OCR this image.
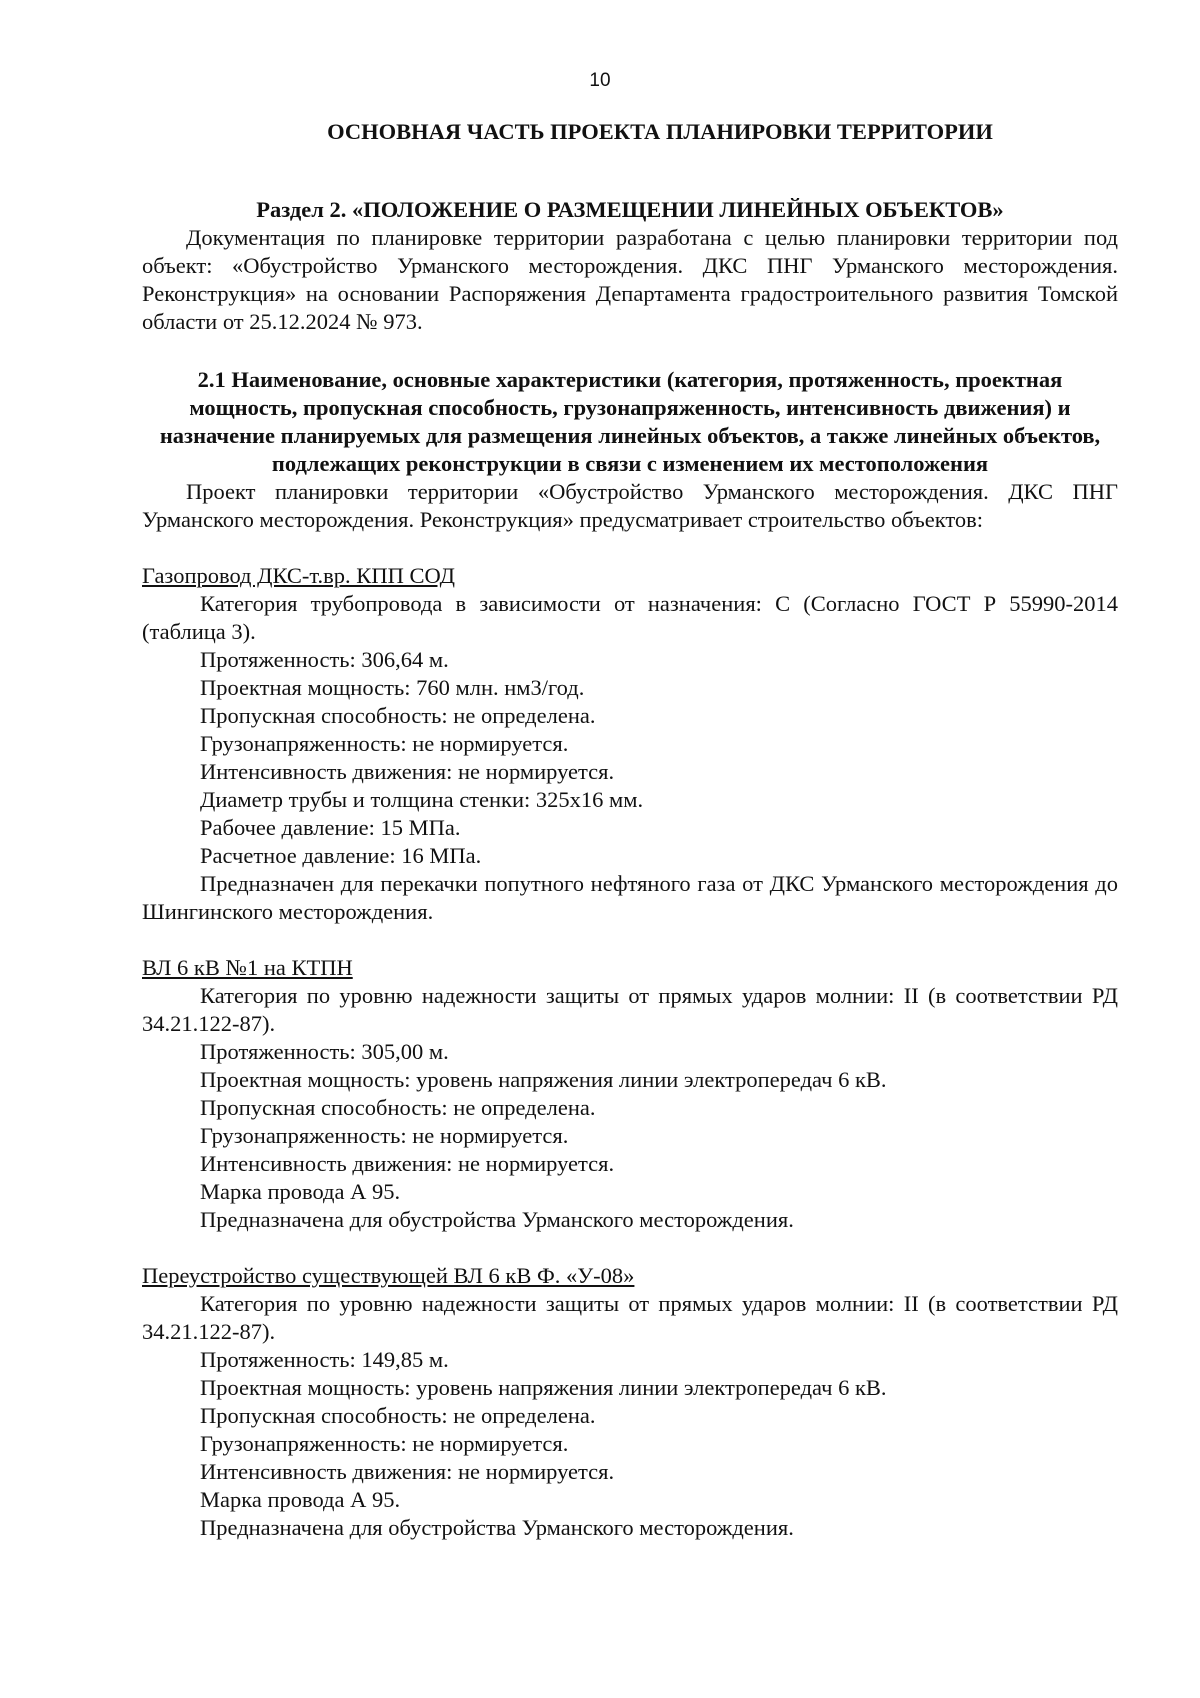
10
ОСНОВНАЯ ЧАСТЬ ПРОЕКТА ПЛАНИРОВКИ ТЕРРИТОРИИ
Раздел 2. «ПОЛОЖЕНИЕ О РАЗМЕЩЕНИИ ЛИНЕЙНЫХ ОБЪЕКТОВ»

Документация по планировке территории разработана с целью планировки территории под объект: «Обустройство Урманского месторождения. ДКС ПНГ Урманского месторождения. Реконструкция» на основании Распоряжения Департамента градостроительного развития Томской области от 25.12.2024 № 973.

2.1 Наименование, основные характеристики (категория, протяженность, проектная мощность, пропускная способность, грузонапряженность, интенсивность движения) и назначение планируемых для размещения линейных объектов, а также линейных объектов, подлежащих реконструкции в связи с изменением их местоположения

Проект планировки территории «Обустройство Урманского месторождения. ДКС ПНГ Урманского месторождения. Реконструкция» предусматривает строительство объектов:

Газопровод ДКС-т.вр. КПП СОД

Категория трубопровода в зависимости от назначения: С (Согласно ГОСТ Р 55990-2014 (таблица 3).

Протяженность: 306,64 м.

Проектная мощность: 760 млн. нм3/год.

Пропускная способность: не определена.

Грузонапряженность: не нормируется.

Интенсивность движения: не нормируется.

Диаметр трубы и толщина стенки: 325х16 мм.

Рабочее давление: 15 МПа.

Расчетное давление: 16 МПа.

Предназначен для перекачки попутного нефтяного газа от ДКС Урманского месторождения до Шингинского месторождения.

ВЛ 6 кВ №1 на КТПН

Категория по уровню надежности защиты от прямых ударов молнии: II (в соответствии РД 34.21.122-87).

Протяженность: 305,00 м.

Проектная мощность: уровень напряжения линии электропередач 6 кВ.

Пропускная способность: не определена.

Грузонапряженность: не нормируется.

Интенсивность движения: не нормируется.

Марка провода А 95.

Предназначена для обустройства Урманского месторождения.

Переустройство существующей ВЛ 6 кВ Ф. «У-08»

Категория по уровню надежности защиты от прямых ударов молнии: II (в соответствии РД 34.21.122-87).

Протяженность: 149,85 м.

Проектная мощность: уровень напряжения линии электропередач 6 кВ.

Пропускная способность: не определена.

Грузонапряженность: не нормируется.

Интенсивность движения: не нормируется.

Марка провода А 95.

Предназначена для обустройства Урманского месторождения.
